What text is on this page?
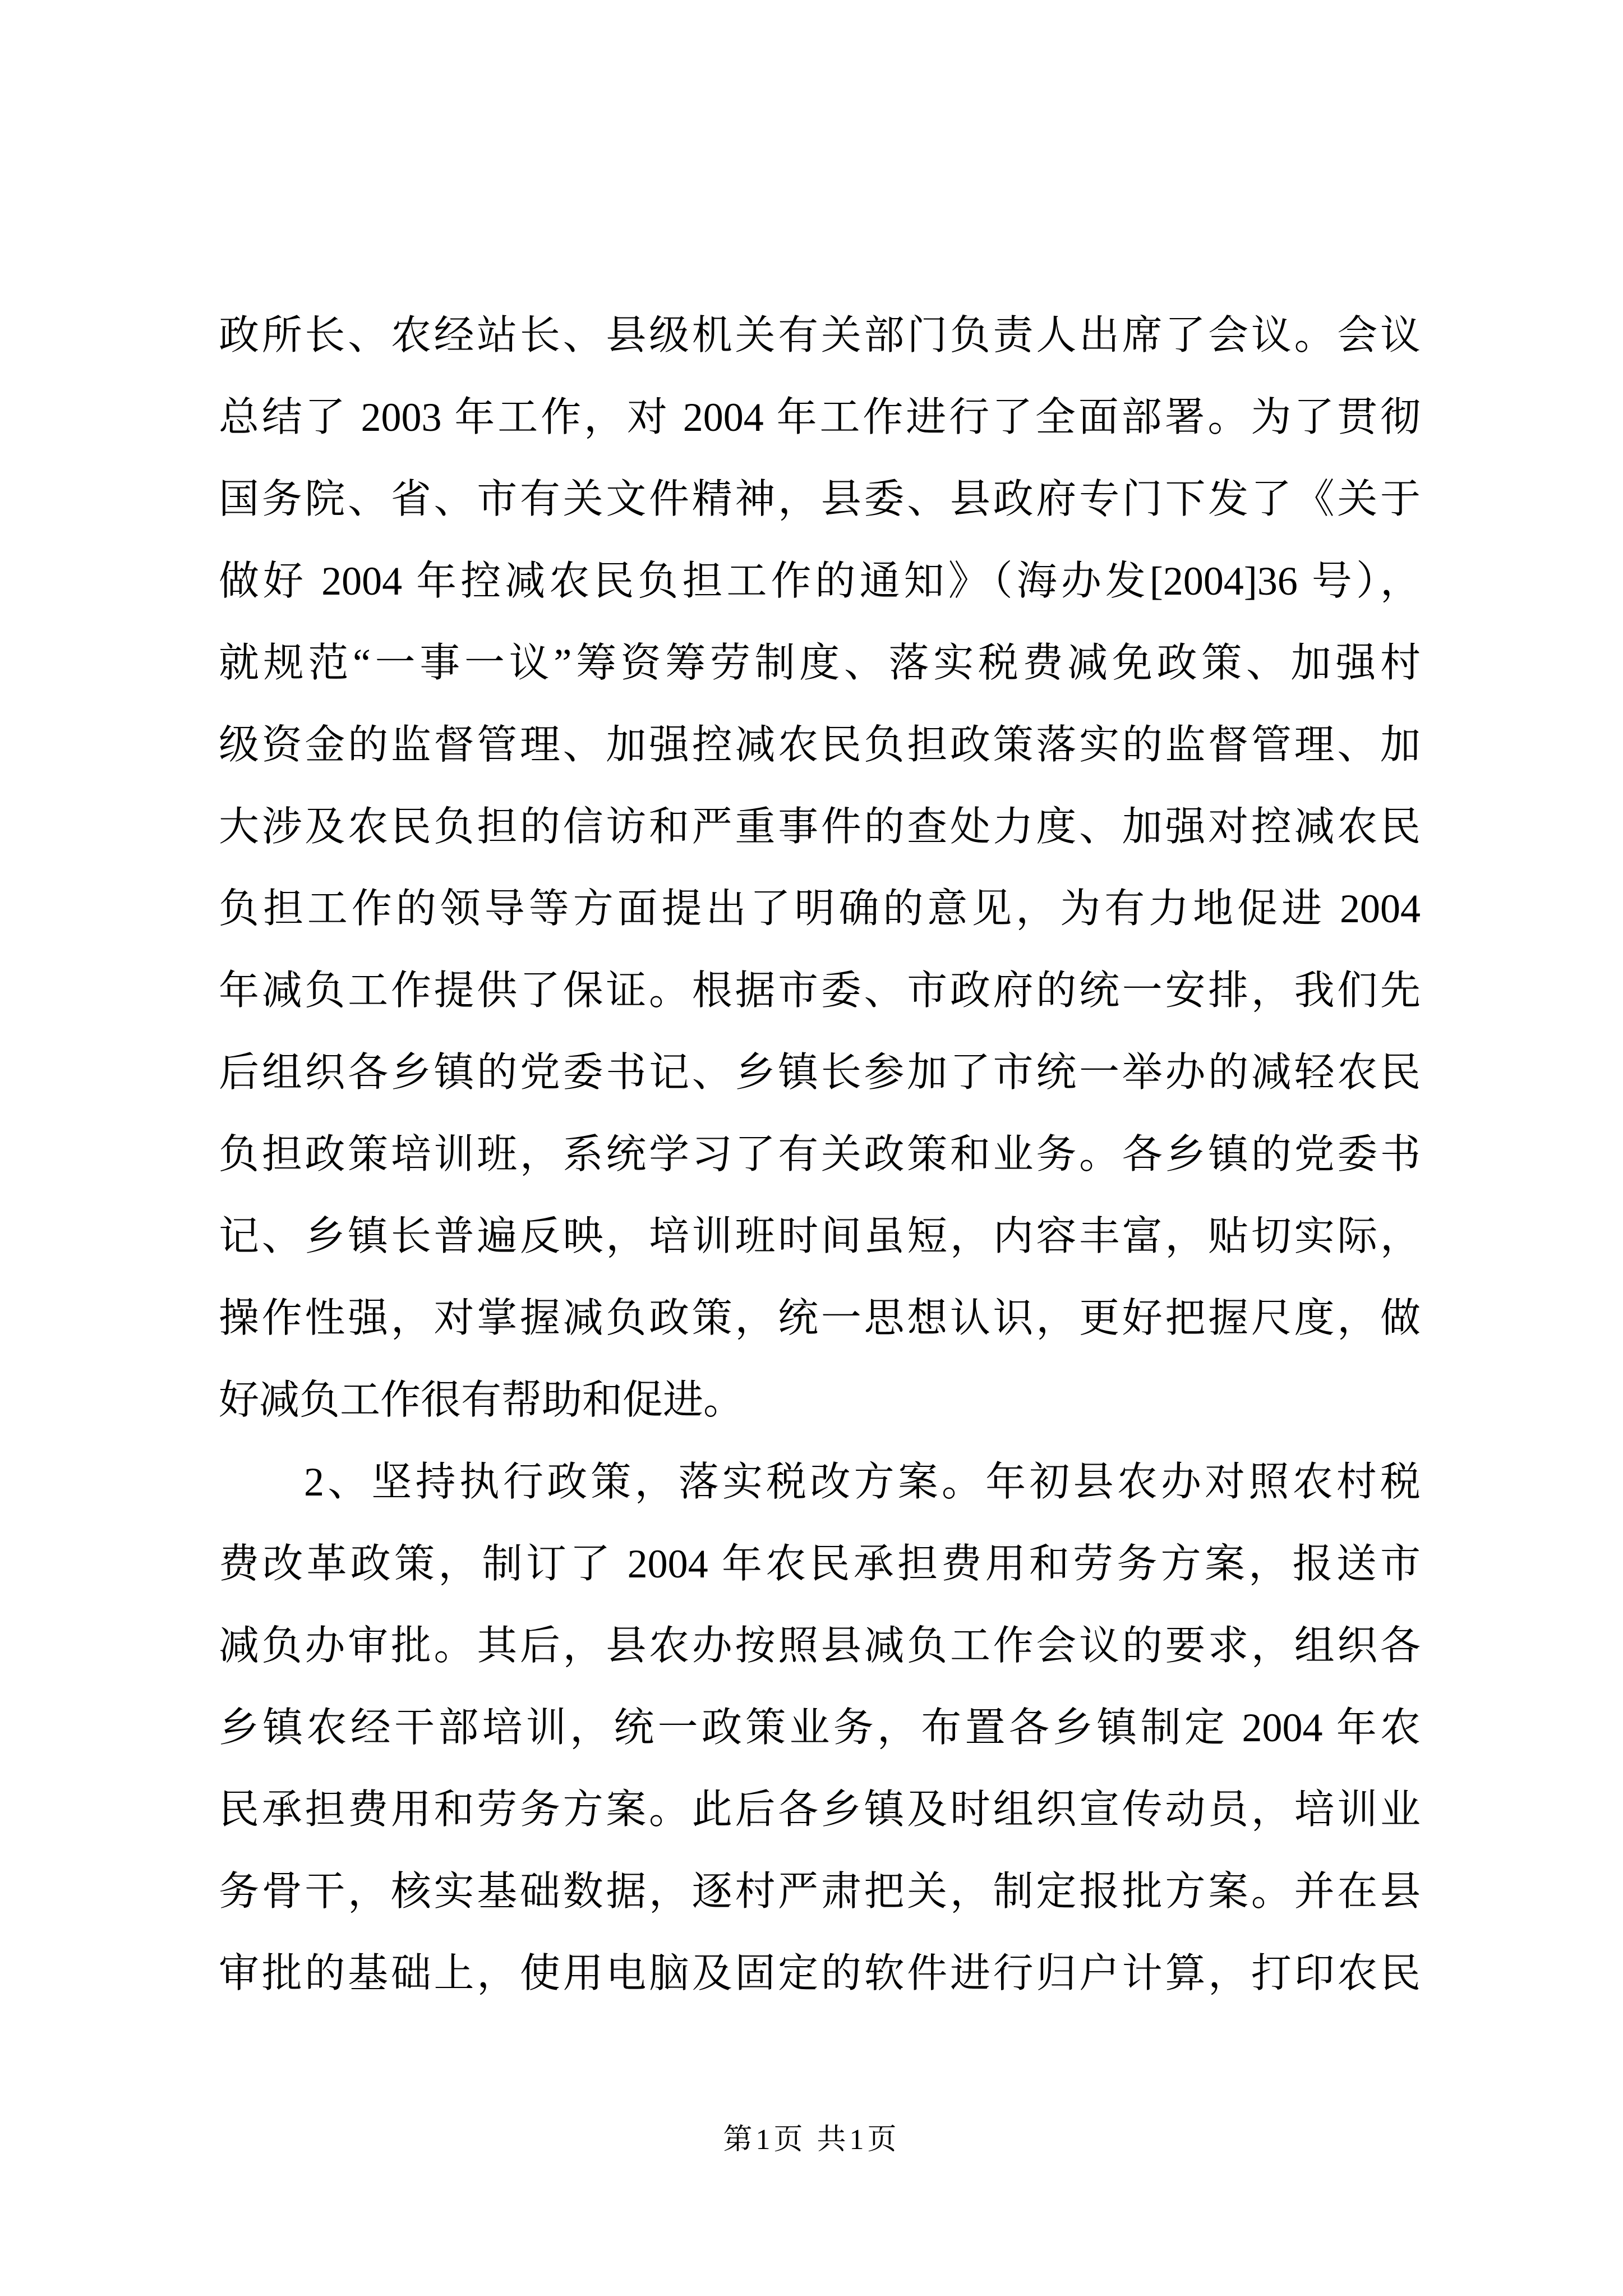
政所长、农经站长、县级机关有关部门负责人出席了会议。会议
总结了 2003 年工作，对 2004 年工作进行了全面部署。为了贯彻
国务院、省、市有关文件精神，县委、县政府专门下发了《关于
做好 2004 年控减农民负担工作的通知》（海办发[2004]36 号），
就规范“一事一议”筹资筹劳制度、落实税费减免政策、加强村
级资金的监督管理、加强控减农民负担政策落实的监督管理、加
大涉及农民负担的信访和严重事件的查处力度、加强对控减农民
负担工作的领导等方面提出了明确的意见，为有力地促进 2004
年减负工作提供了保证。根据市委、市政府的统一安排，我们先
后组织各乡镇的党委书记、乡镇长参加了市统一举办的减轻农民
负担政策培训班，系统学习了有关政策和业务。各乡镇的党委书
记、乡镇长普遍反映，培训班时间虽短，内容丰富，贴切实际，
操作性强，对掌握减负政策，统一思想认识，更好把握尺度，做
好减负工作很有帮助和促进。
2、坚持执行政策，落实税改方案。年初县农办对照农村税
费改革政策，制订了 2004 年农民承担费用和劳务方案，报送市
减负办审批。其后，县农办按照县减负工作会议的要求，组织各
乡镇农经干部培训，统一政策业务，布置各乡镇制定 2004 年农
民承担费用和劳务方案。此后各乡镇及时组织宣传动员，培训业
务骨干，核实基础数据，逐村严肃把关，制定报批方案。并在县
审批的基础上，使用电脑及固定的软件进行归户计算，打印农民
第1页 共1页
